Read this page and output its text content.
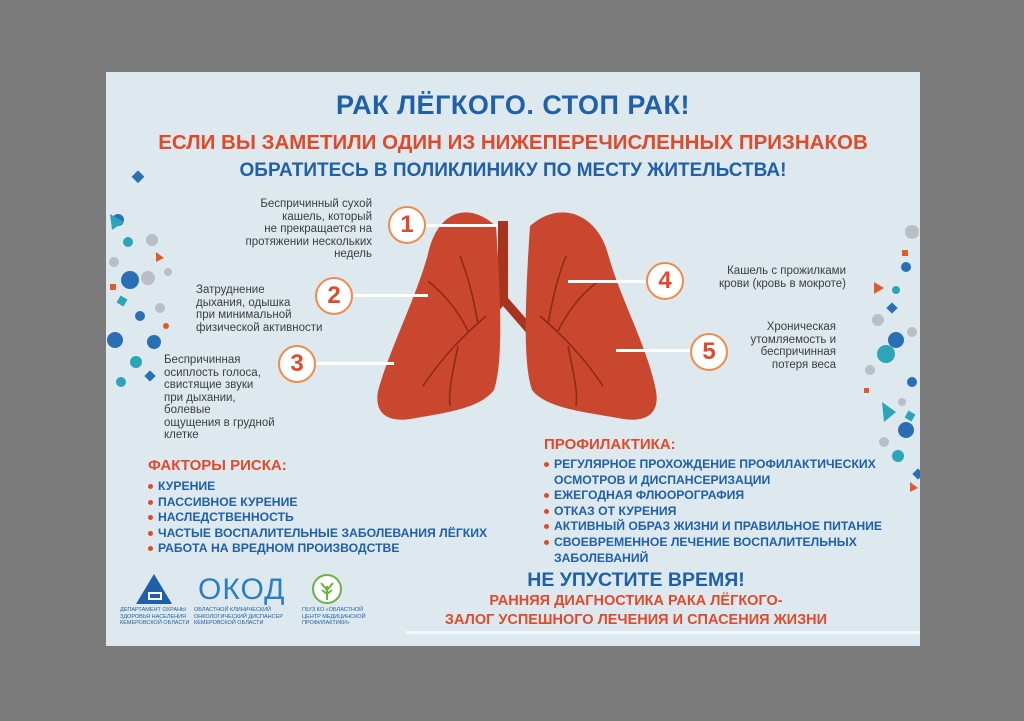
РАК ЛЁГКОГО. СТОП РАК!
ЕСЛИ ВЫ ЗАМЕТИЛИ ОДИН ИЗ НИЖЕПЕРЕЧИСЛЕННЫХ ПРИЗНАКОВ
ОБРАТИТЕСЬ В ПОЛИКЛИНИКУ ПО МЕСТУ ЖИТЕЛЬСТВА!
1
2
3
4
5
Беспричинный сухой
кашель, который
не прекращается на
протяжении нескольких
недель
Затруднение
дыхания, одышка
при минимальной
физической активности
Беспричинная
осиплость голоса,
свистящие звуки
при дыхании, болевые
ощущения в грудной
клетке
Кашель с прожилками
крови (кровь в мокроте)
Хроническая
утомляемость и
беспричинная
потеря веса
ФАКТОРЫ РИСКА:
КУРЕНИЕ
ПАССИВНОЕ КУРЕНИЕ
НАСЛЕДСТВЕННОСТЬ
ЧАСТЫЕ ВОСПАЛИТЕЛЬНЫЕ ЗАБОЛЕВАНИЯ ЛЁГКИХ
РАБОТА НА ВРЕДНОМ ПРОИЗВОДСТВЕ
ПРОФИЛАКТИКА:
РЕГУЛЯРНОЕ ПРОХОЖДЕНИЕ ПРОФИЛАКТИЧЕСКИХ
ОСМОТРОВ И ДИСПАНСЕРИЗАЦИИ
ЕЖЕГОДНАЯ ФЛЮОРОГРАФИЯ
ОТКАЗ ОТ КУРЕНИЯ
АКТИВНЫЙ ОБРАЗ ЖИЗНИ И ПРАВИЛЬНОЕ ПИТАНИЕ
СВОЕВРЕМЕННОЕ ЛЕЧЕНИЕ ВОСПАЛИТЕЛЬНЫХ
ЗАБОЛЕВАНИЙ
НЕ УПУСТИТЕ ВРЕМЯ!
РАННЯЯ ДИАГНОСТИКА РАКА ЛЁГКОГО-
ЗАЛОГ УСПЕШНОГО ЛЕЧЕНИЯ И СПАСЕНИЯ ЖИЗНИ
ДЕПАРТАМЕНТ ОХРАНЫ
ЗДОРОВЬЯ НАСЕЛЕНИЯ
КЕМЕРОВСКОЙ ОБЛАСТИ
ОКОД
ОБЛАСТНОЙ КЛИНИЧЕСКИЙ
ОНКОЛОГИЧЕСКИЙ ДИСПАНСЕР
КЕМЕРОВСКОЙ ОБЛАСТИ
ГБУЗ КО «ОБЛАСТНОЙ
ЦЕНТР МЕДИЦИНСКОЙ
ПРОФИЛАКТИКИ»
